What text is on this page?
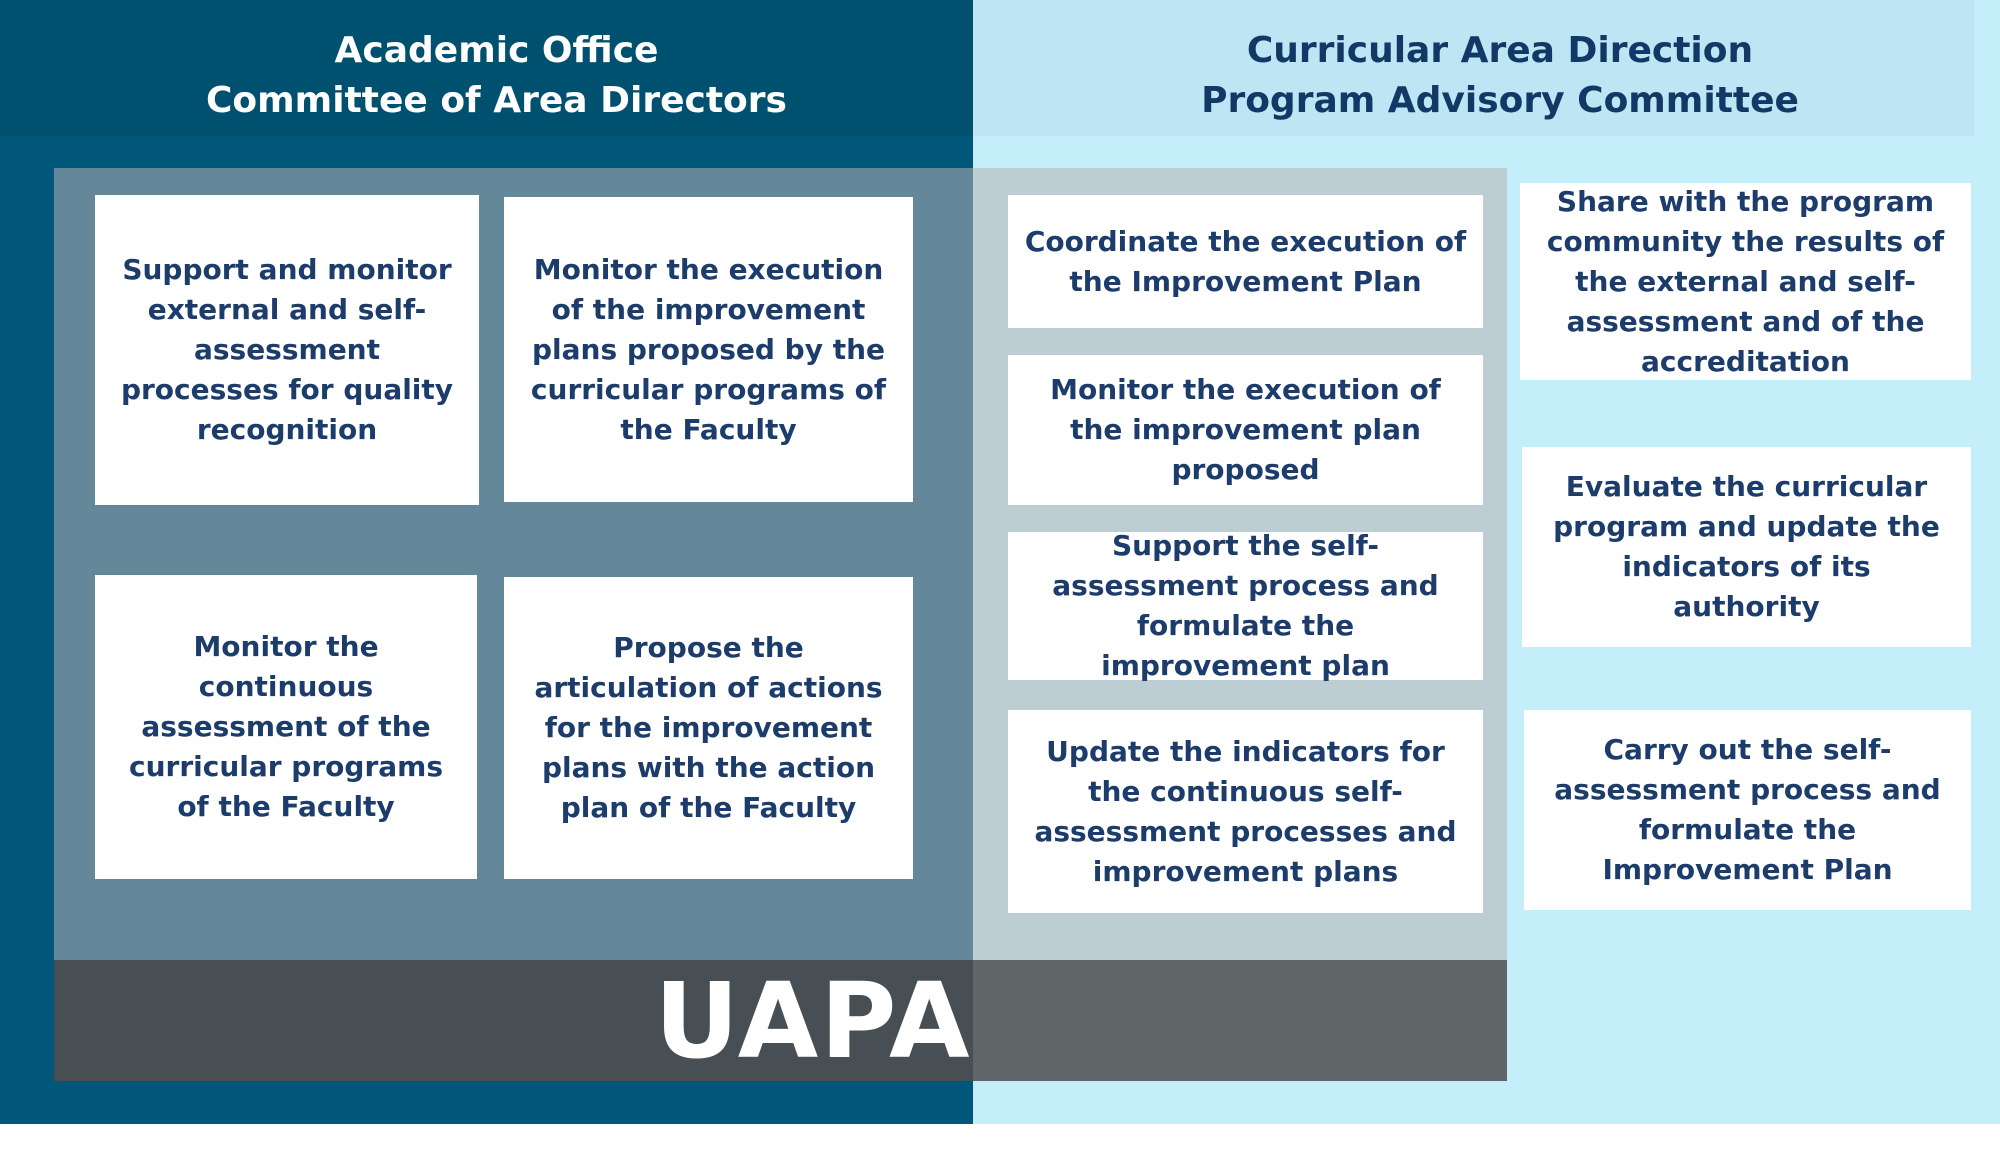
Academic Office
Committee of Area Directors
Curricular Area Direction
Program Advisory Committee
UAPA
Support and monitor external and self-assessment processes for quality recognition
Monitor the execution of the improvement plans proposed by the curricular programs of the Faculty
Monitor the continuous assessment of the curricular programs of the Faculty
Propose the articulation of actions for the improvement plans with the action plan of the Faculty
Coordinate the execution of the Improvement Plan
Monitor the execution of the improvement plan proposed
Support the self-assessment process and formulate the improvement plan
Update the indicators for the continuous self-assessment processes and improvement plans
Share with the program community the results of the external and self-assessment and of the accreditation
Evaluate the curricular program and update the indicators of its authority
Carry out the self-assessment process and formulate the Improvement Plan
